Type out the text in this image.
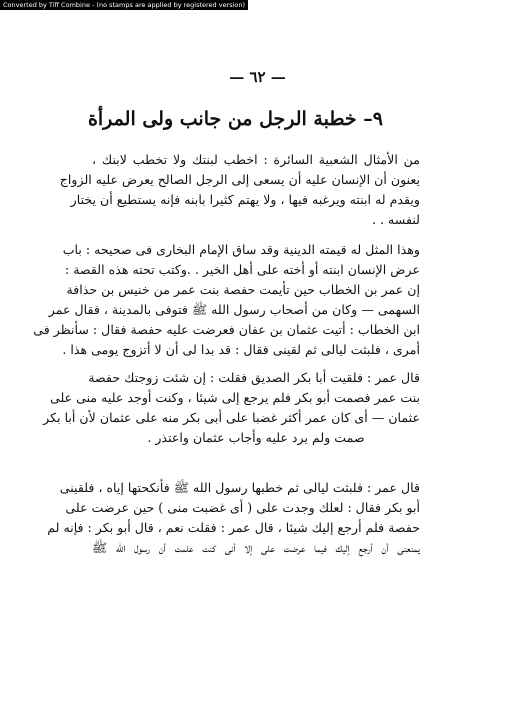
Converted by Tiff Combine - (no stamps are applied by registered version)
— ٦٢ —
٩– خطبة الرجل من جانب ولى المرأة
من الأمثال الشعبية السائرة : اخطب لبنتك ولا تخطب لابنك ،
يعنون أن الإنسان عليه أن يسعى إلى الرجل الصالح يعرض عليه الزواج
ويقدم له ابنته ويرغبه فيها ، ولا يهتم كثيرا بابنه فإنه يستطيع أن يختار
لنفسه . .
وهذا المثل له قيمته الدينية وقد ساق الإمام البخارى فى صحيحه : باب
عرض الإنسان ابنته أو أخته على أهل الخير . .وكتب تحته هذه القصة :
إن عمر بن الخطاب حين تأيمت حفصة بنت عمر من خنيس بن حذافة
السهمى — وكان من أصحاب رسول الله ﷺ فتوفى بالمدينة ، فقال عمر
ابن الخطاب : أتيت عثمان بن عفان فعرضت عليه حفصة فقال : سأنظر فى
أمرى ، فلبثت ليالى ثم لقينى فقال : قد بدا لى أن لا أتزوج يومى هذا .
قال عمر : فلقيت أبا بكر الصديق فقلت : إن شئت زوجتك حفصة
بنت عمر فصمت أبو بكر فلم يرجع إلى شيئا ، وكنت أوجد عليه منى على
عثمان — أى كان عمر أكثر غضبا على أبى بكر منه على عثمان لأن أبا بكر
صمت ولم يرد عليه وأجاب عثمان واعتذر .
قال عمر : فلبثت ليالى ثم خطبها رسول الله ﷺ فأنكحتها إياه ، فلقينى
أبو بكر فقال : لعلك وجدت على ( أى غضبت منى ) حين عرضت على
حفصة فلم أرجع إليك شيئا ، قال عمر : فقلت نعم ، قال أبو بكر : فإنه لم
يمنعنى أن أرجع إليك فيما عرضت على إلا أنى كنت علمت أن رسول الله ﷺ
